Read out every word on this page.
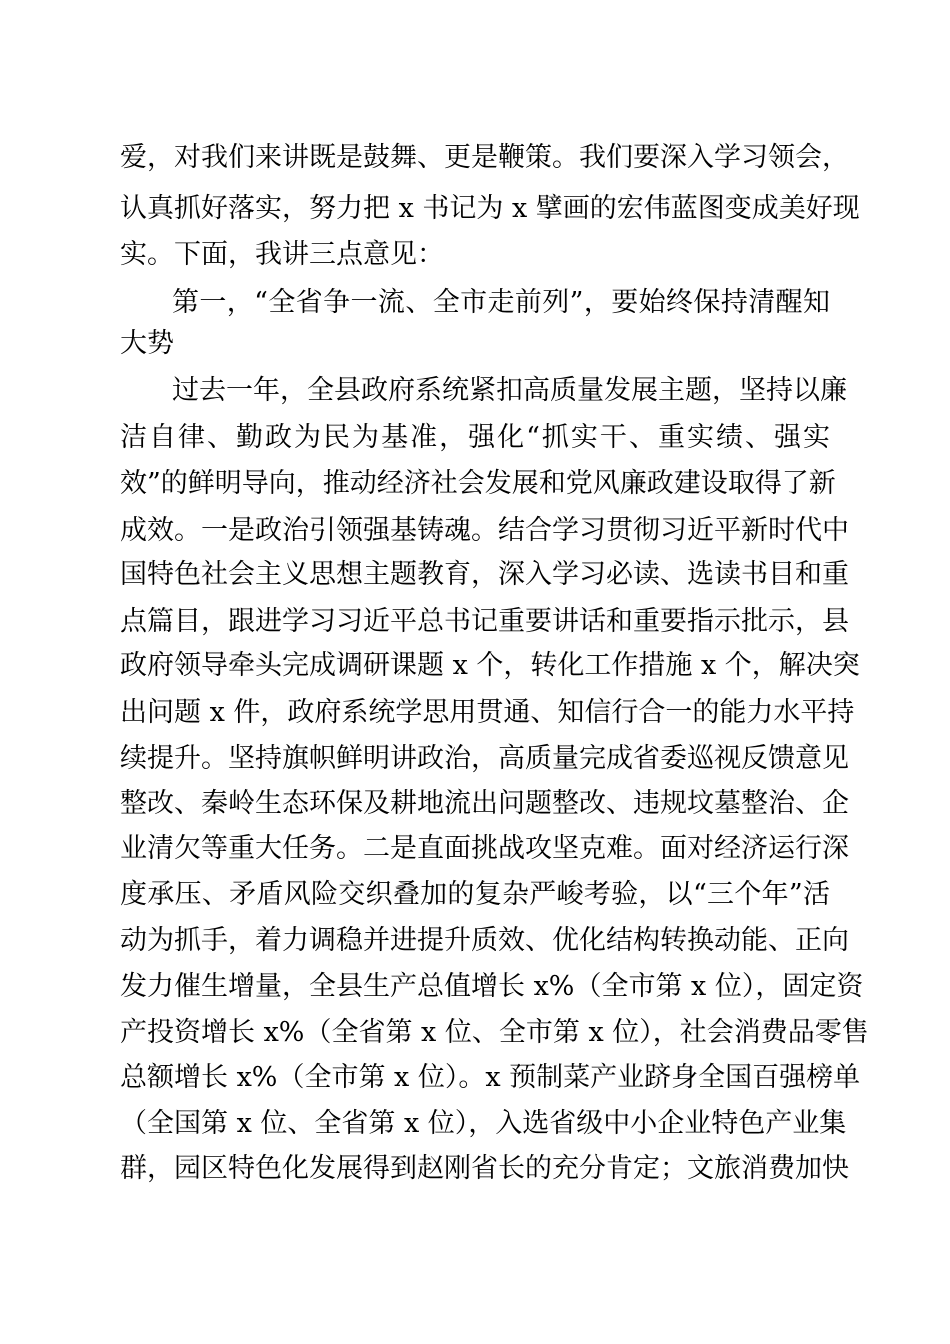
爱，对我们来讲既是鼓舞、更是鞭策。我们要深入学习领会，
认真抓好落实，努力把 x 书记为 x 擘画的宏伟蓝图变成美好现
实。下面，我讲三点意见：
第一，“全省争一流、全市走前列”，要始终保持清醒知
大势
过去一年，全县政府系统紧扣高质量发展主题，坚持以廉
洁自律、勤政为民为基准，强化“抓实干、重实绩、强实
效”的鲜明导向，推动经济社会发展和党风廉政建设取得了新
成效。一是政治引领强基铸魂。结合学习贯彻习近平新时代中
国特色社会主义思想主题教育，深入学习必读、选读书目和重
点篇目，跟进学习习近平总书记重要讲话和重要指示批示，县
政府领导牵头完成调研课题 x 个，转化工作措施 x 个，解决突
出问题 x 件，政府系统学思用贯通、知信行合一的能力水平持
续提升。坚持旗帜鲜明讲政治，高质量完成省委巡视反馈意见
整改、秦岭生态环保及耕地流出问题整改、违规坟墓整治、企
业清欠等重大任务。二是直面挑战攻坚克难。面对经济运行深
度承压、矛盾风险交织叠加的复杂严峻考验，以“三个年”活
动为抓手，着力调稳并进提升质效、优化结构转换动能、正向
发力催生增量，全县生产总值增长 x%（全市第 x 位），固定资
产投资增长 x%（全省第 x 位、全市第 x 位），社会消费品零售
总额增长 x%（全市第 x 位）。x 预制菜产业跻身全国百强榜单
（全国第 x 位、全省第 x 位），入选省级中小企业特色产业集
群，园区特色化发展得到赵刚省长的充分肯定；文旅消费加快
